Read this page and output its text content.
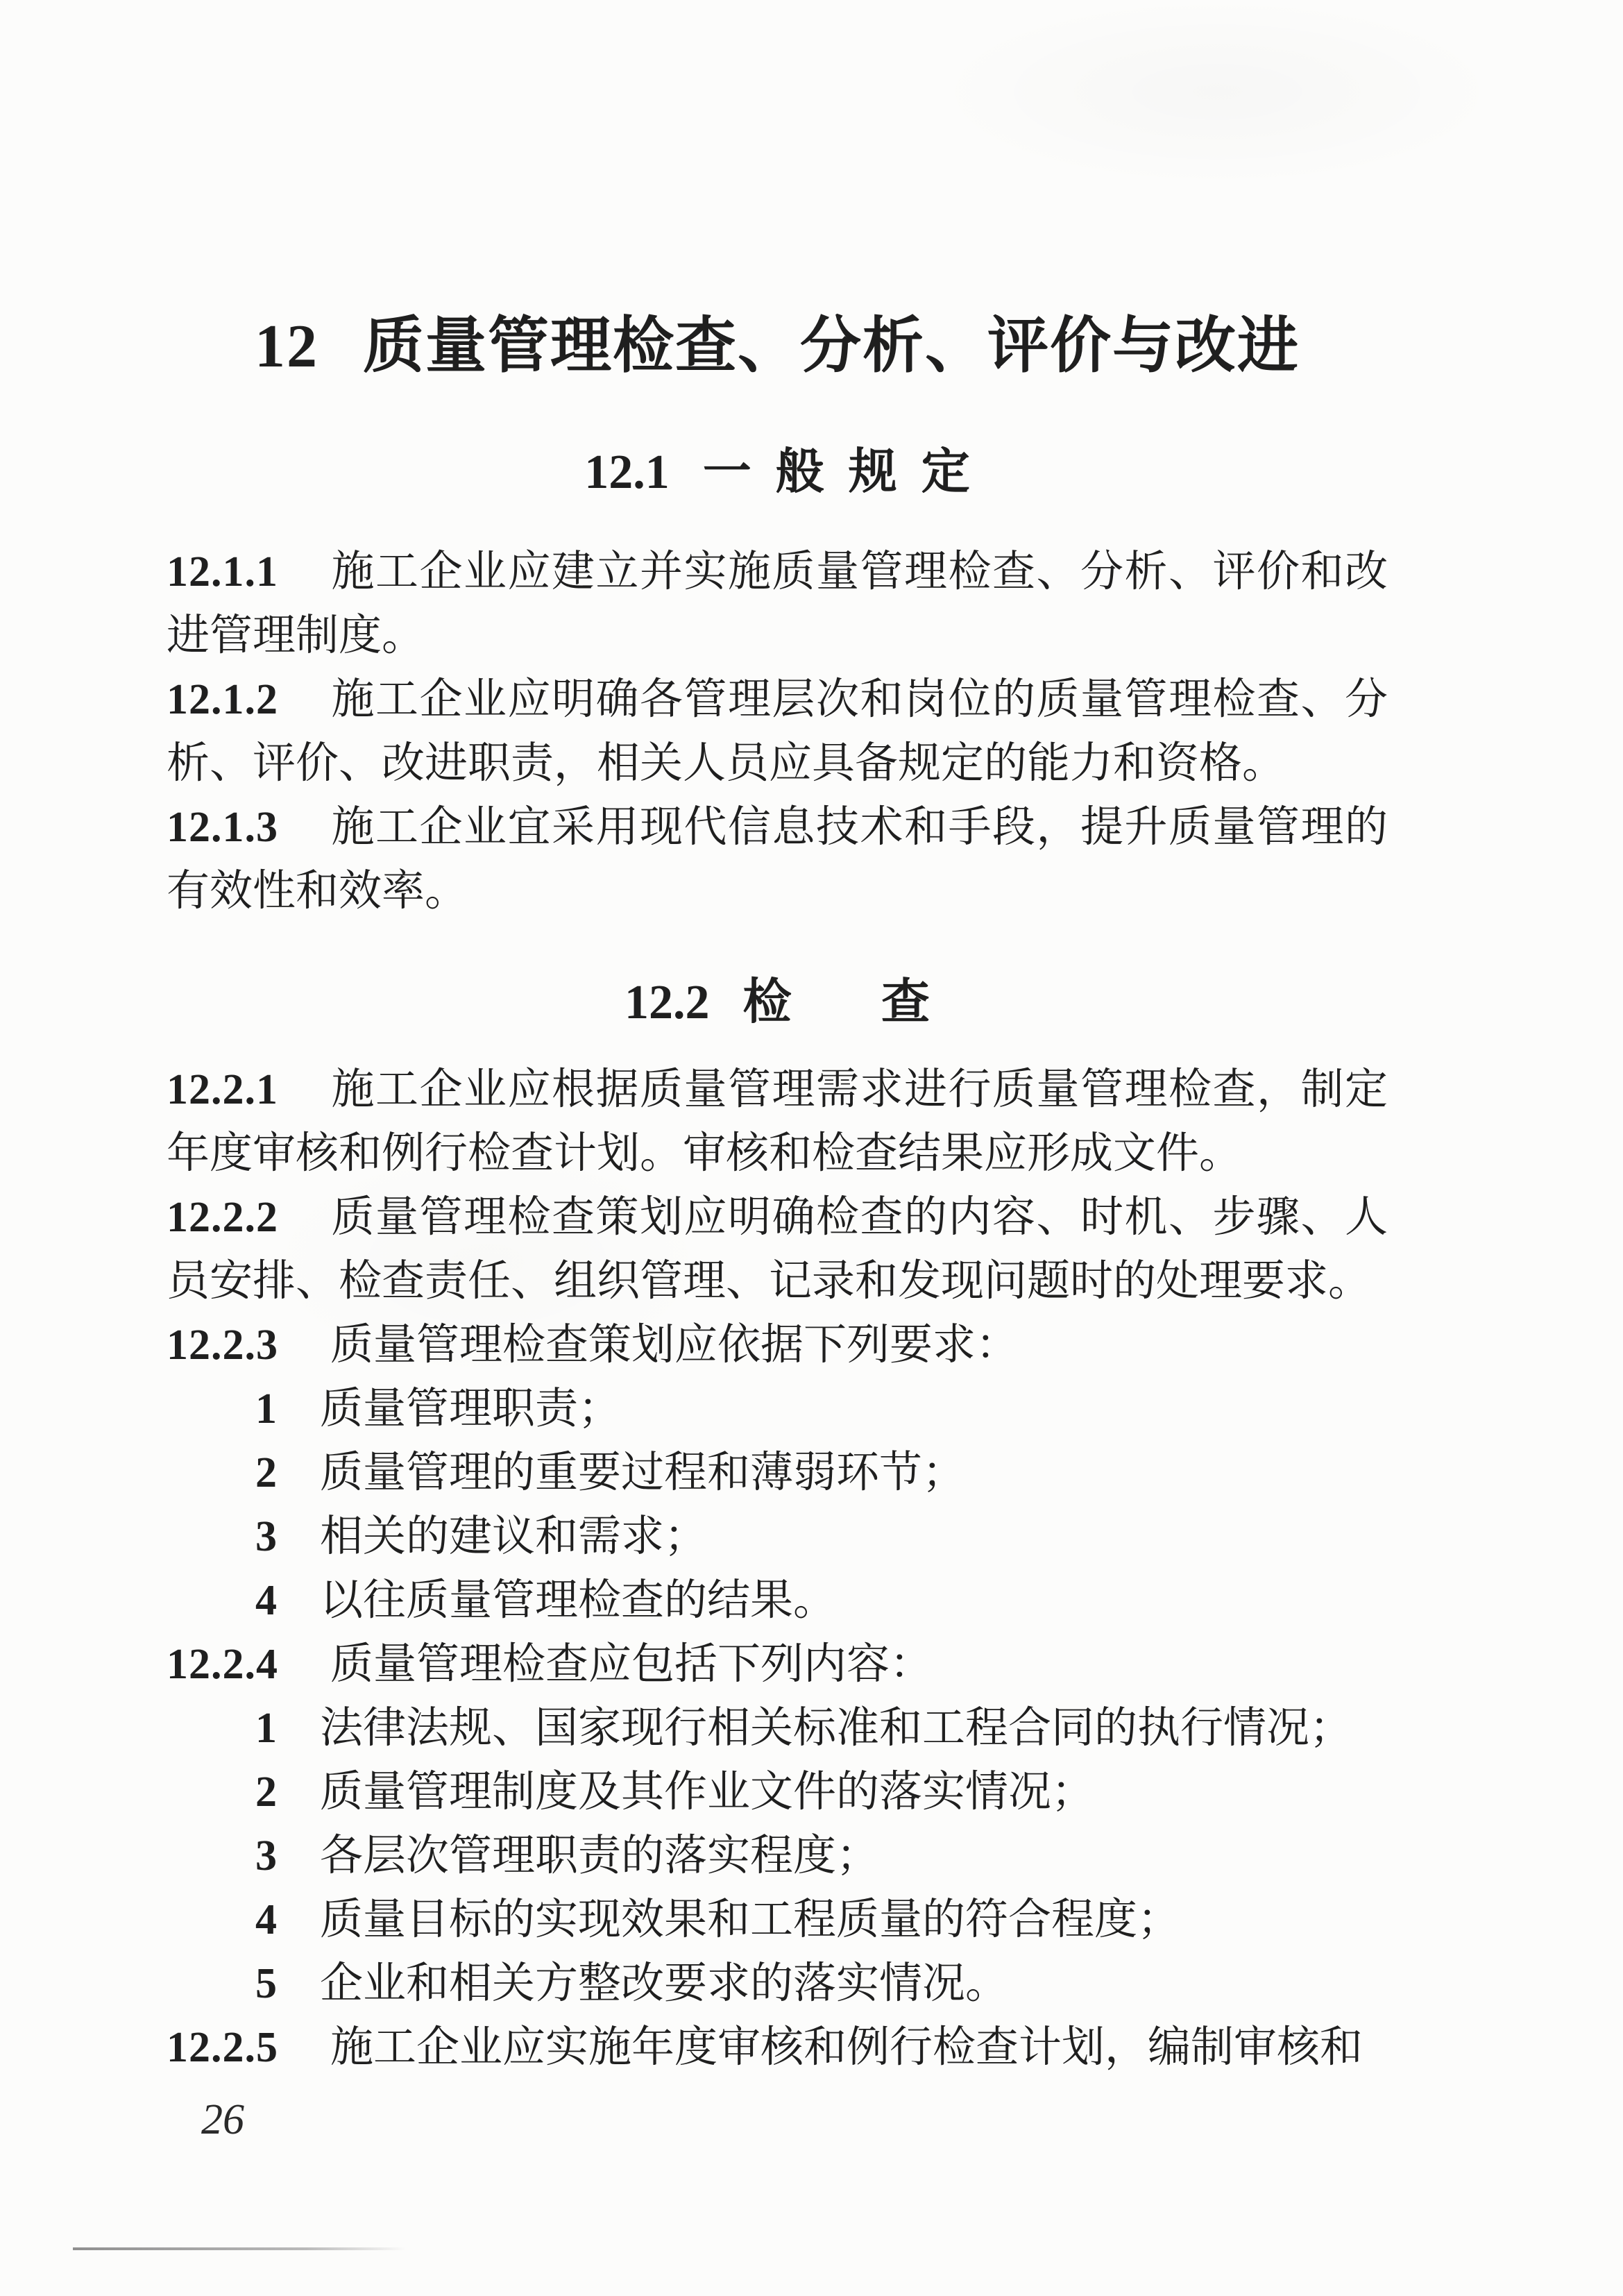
12 质量管理检查、分析、评价与改进
12.1 一般规定

12.1.1 施工企业应建立并实施质量管理检查、分析、评价和改进管理制度。

12.1.2 施工企业应明确各管理层次和岗位的质量管理检查、分析、评价、改进职责，相关人员应具备规定的能力和资格。

12.1.3 施工企业宜采用现代信息技术和手段，提升质量管理的有效性和效率。

12.2 检查

12.2.1 施工企业应根据质量管理需求进行质量管理检查，制定年度审核和例行检查计划。审核和检查结果应形成文件。

12.2.2 质量管理检查策划应明确检查的内容、时机、步骤、人员安排、检查责任、组织管理、记录和发现问题时的处理要求。

12.2.3 质量管理检查策划应依据下列要求：

1 质量管理职责；

2 质量管理的重要过程和薄弱环节；

3 相关的建议和需求；

4 以往质量管理检查的结果。

12.2.4 质量管理检查应包括下列内容：

1 法律法规、国家现行相关标准和工程合同的执行情况；

2 质量管理制度及其作业文件的落实情况；

3 各层次管理职责的落实程度；

4 质量目标的实现效果和工程质量的符合程度；

5 企业和相关方整改要求的落实情况。

12.2.5 施工企业应实施年度审核和例行检查计划，编制审核和

26
